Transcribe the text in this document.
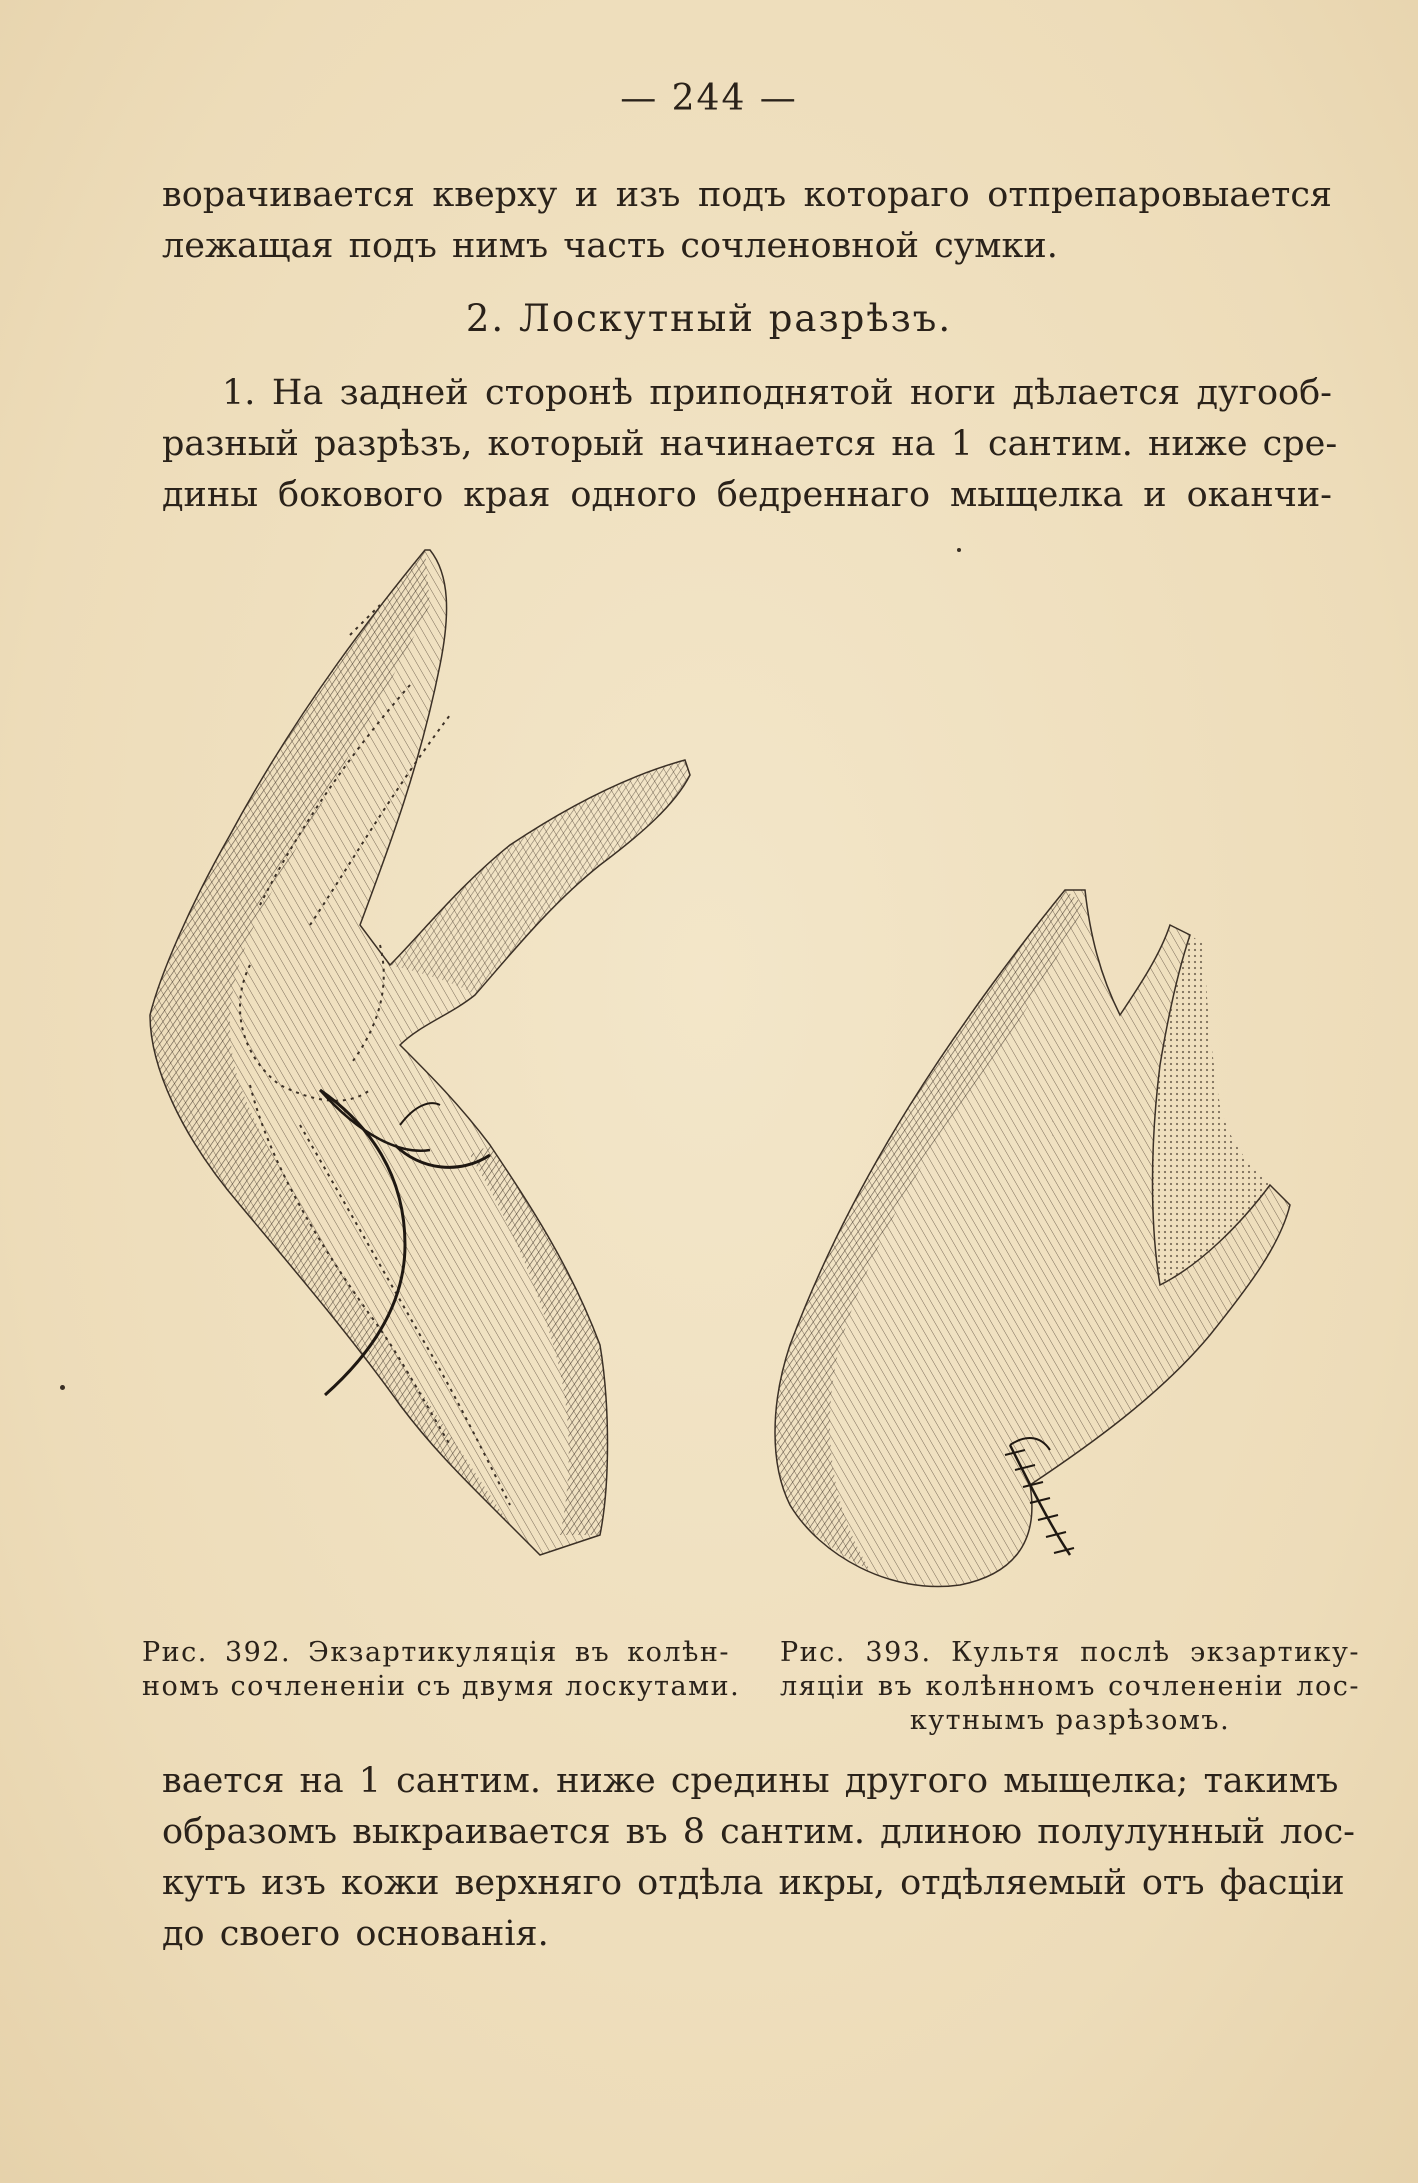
— 244 —
ворачивается кверху и изъ подъ котораго отпрепаровыается
лежащая подъ нимъ часть сочленовной сумки.
2. Лоскутный разрѣзъ.
1. На задней сторонѣ приподнятой ноги дѣлается дугооб-
разный разрѣзъ, который начинается на 1 сантим. ниже сре-
дины бокового края одного бедреннаго мыщелка и оканчи-
Рис. 392. Экзартикуляція въ колѣн-
номъ сочлененіи съ двумя лоскутами.
Рис. 393. Культя послѣ экзартику-
ляціи въ колѣнномъ сочлененіи лос-
кутнымъ разрѣзомъ.
вается на 1 сантим. ниже средины другого мыщелка; такимъ
образомъ выкраивается въ 8 сантим. длиною полулунный лос-
кутъ изъ кожи верхняго отдѣла икры, отдѣляемый отъ фасціи
до своего основанія.
